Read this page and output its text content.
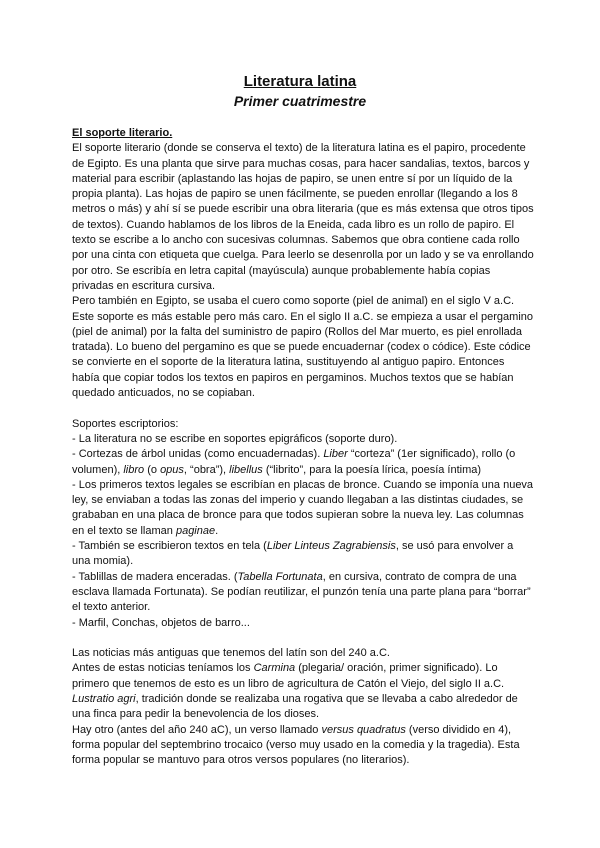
Literatura latina
Primer cuatrimestre

El soporte literario.

El soporte literario (donde se conserva el texto) de la literatura latina es el papiro, procedente de Egipto. Es una planta que sirve para muchas cosas, para hacer sandalias, textos, barcos y material para escribir (aplastando las hojas de papiro, se unen entre sí por un líquido de la propia planta). Las hojas de papiro se unen fácilmente, se pueden enrollar (llegando a los 8 metros o más) y ahí sí se puede escribir una obra literaria (que es más extensa que otros tipos de textos). Cuando hablamos de los libros de la Eneida, cada libro es un rollo de papiro. El texto se escribe a lo ancho con sucesivas columnas. Sabemos que obra contiene cada rollo por una cinta con etiqueta que cuelga. Para leerlo se desenrolla por un lado y se va enrollando por otro. Se escribía en letra capital (mayúscula) aunque probablemente había copias privadas en escritura cursiva.

Pero también en Egipto, se usaba el cuero como soporte (piel de animal) en el siglo V a.C. Este soporte es más estable pero más caro. En el siglo II a.C. se empieza a usar el pergamino (piel de animal) por la falta del suministro de papiro (Rollos del Mar muerto, es piel enrollada tratada). Lo bueno del pergamino es que se puede encuadernar (codex o códice). Este códice se convierte en el soporte de la literatura latina, sustituyendo al antiguo papiro. Entonces había que copiar todos los textos en papiros en pergaminos. Muchos textos que se habían quedado anticuados, no se copiaban.

Soportes escriptorios:

- La literatura no se escribe en soportes epigráficos (soporte duro).

- Cortezas de árbol unidas (como encuadernadas). Liber “corteza” (1er significado), rollo (o volumen), libro (o opus, “obra”), libellus (“librito”, para la poesía lírica, poesía íntima)

- Los primeros textos legales se escribían en placas de bronce. Cuando se imponía una nueva ley, se enviaban a todas las zonas del imperio y cuando llegaban a las distintas ciudades, se grababan en una placa de bronce para que todos supieran sobre la nueva ley. Las columnas en el texto se llaman paginae.

- También se escribieron textos en tela (Liber Linteus Zagrabiensis, se usó para envolver a una momia).

- Tablillas de madera enceradas. (Tabella Fortunata, en cursiva, contrato de compra de una esclava llamada Fortunata). Se podían reutilizar, el punzón tenía una parte plana para “borrar” el texto anterior.

- Marfil, Conchas, objetos de barro...

Las noticias más antiguas que tenemos del latín son del 240 a.C.

Antes de estas noticias teníamos los Carmina (plegaria/ oración, primer significado). Lo primero que tenemos de esto es un libro de agricultura de Catón el Viejo, del siglo II a.C. Lustratio agri, tradición donde se realizaba una rogativa que se llevaba a cabo alrededor de una finca para pedir la benevolencia de los dioses.

Hay otro (antes del año 240 aC), un verso llamado versus quadratus (verso dividido en 4), forma popular del septembrino trocaico (verso muy usado en la comedia y la tragedia). Esta forma popular se mantuvo para otros versos populares (no literarios).
